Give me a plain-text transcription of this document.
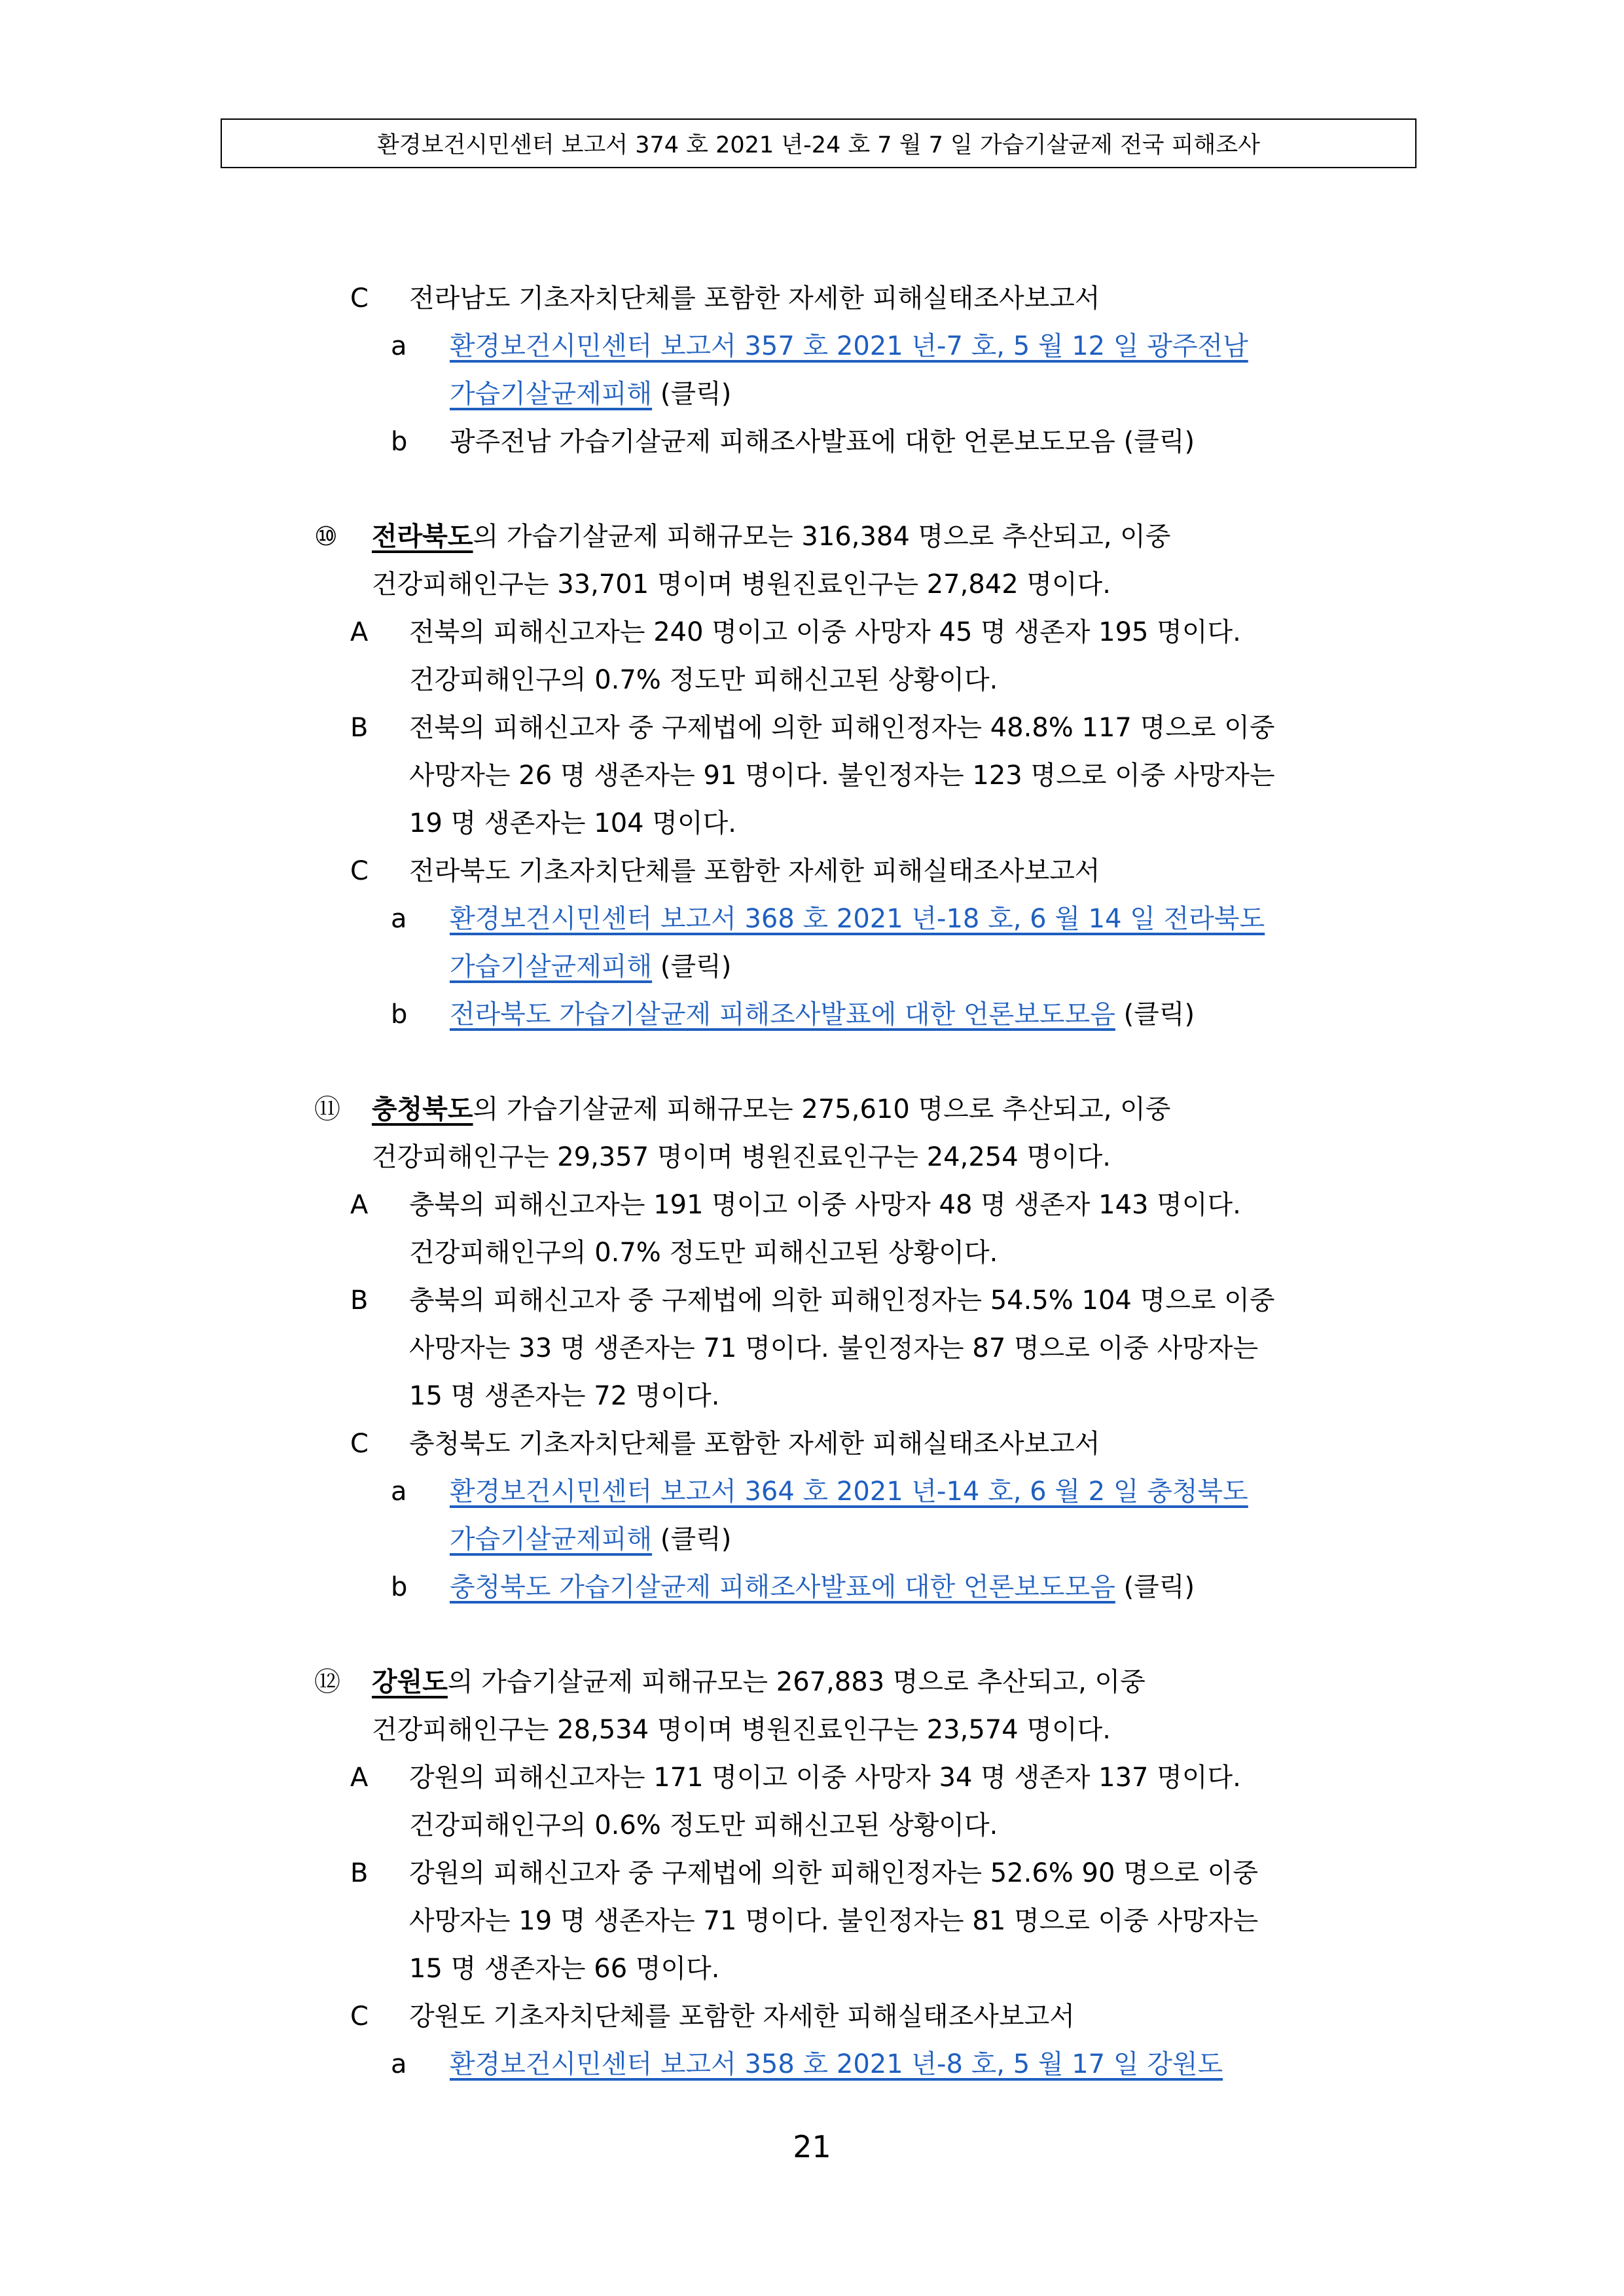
환경보건시민센터 보고서 374 호 2021 년-24 호 7 월 7 일 가습기살균제 전국 피해조사
C 전라남도 기초자치단체를 포함한 자세한 피해실태조사보고서
a 환경보건시민센터 보고서 357 호 2021 년-7 호, 5 월 12 일 광주전남
가습기살균제피해 (클릭)
b 광주전남 가습기살균제 피해조사발표에 대한 언론보도모음 (클릭)
⑩ 전라북도의 가습기살균제 피해규모는 316,384 명으로 추산되고, 이중
건강피해인구는 33,701 명이며 병원진료인구는 27,842 명이다.
A 전북의 피해신고자는 240 명이고 이중 사망자 45 명 생존자 195 명이다.
건강피해인구의 0.7% 정도만 피해신고된 상황이다.
B 전북의 피해신고자 중 구제법에 의한 피해인정자는 48.8% 117 명으로 이중
사망자는 26 명 생존자는 91 명이다. 불인정자는 123 명으로 이중 사망자는
19 명 생존자는 104 명이다.
C 전라북도 기초자치단체를 포함한 자세한 피해실태조사보고서
a 환경보건시민센터 보고서 368 호 2021 년-18 호, 6 월 14 일 전라북도
가습기살균제피해 (클릭)
b 전라북도 가습기살균제 피해조사발표에 대한 언론보도모음 (클릭)
⑪ 충청북도의 가습기살균제 피해규모는 275,610 명으로 추산되고, 이중
건강피해인구는 29,357 명이며 병원진료인구는 24,254 명이다.
A 충북의 피해신고자는 191 명이고 이중 사망자 48 명 생존자 143 명이다.
건강피해인구의 0.7% 정도만 피해신고된 상황이다.
B 충북의 피해신고자 중 구제법에 의한 피해인정자는 54.5% 104 명으로 이중
사망자는 33 명 생존자는 71 명이다. 불인정자는 87 명으로 이중 사망자는
15 명 생존자는 72 명이다.
C 충청북도 기초자치단체를 포함한 자세한 피해실태조사보고서
a 환경보건시민센터 보고서 364 호 2021 년-14 호, 6 월 2 일 충청북도
가습기살균제피해 (클릭)
b 충청북도 가습기살균제 피해조사발표에 대한 언론보도모음 (클릭)
⑫ 강원도의 가습기살균제 피해규모는 267,883 명으로 추산되고, 이중
건강피해인구는 28,534 명이며 병원진료인구는 23,574 명이다.
A 강원의 피해신고자는 171 명이고 이중 사망자 34 명 생존자 137 명이다.
건강피해인구의 0.6% 정도만 피해신고된 상황이다.
B 강원의 피해신고자 중 구제법에 의한 피해인정자는 52.6% 90 명으로 이중
사망자는 19 명 생존자는 71 명이다. 불인정자는 81 명으로 이중 사망자는
15 명 생존자는 66 명이다.
C 강원도 기초자치단체를 포함한 자세한 피해실태조사보고서
a 환경보건시민센터 보고서 358 호 2021 년-8 호, 5 월 17 일 강원도
21
